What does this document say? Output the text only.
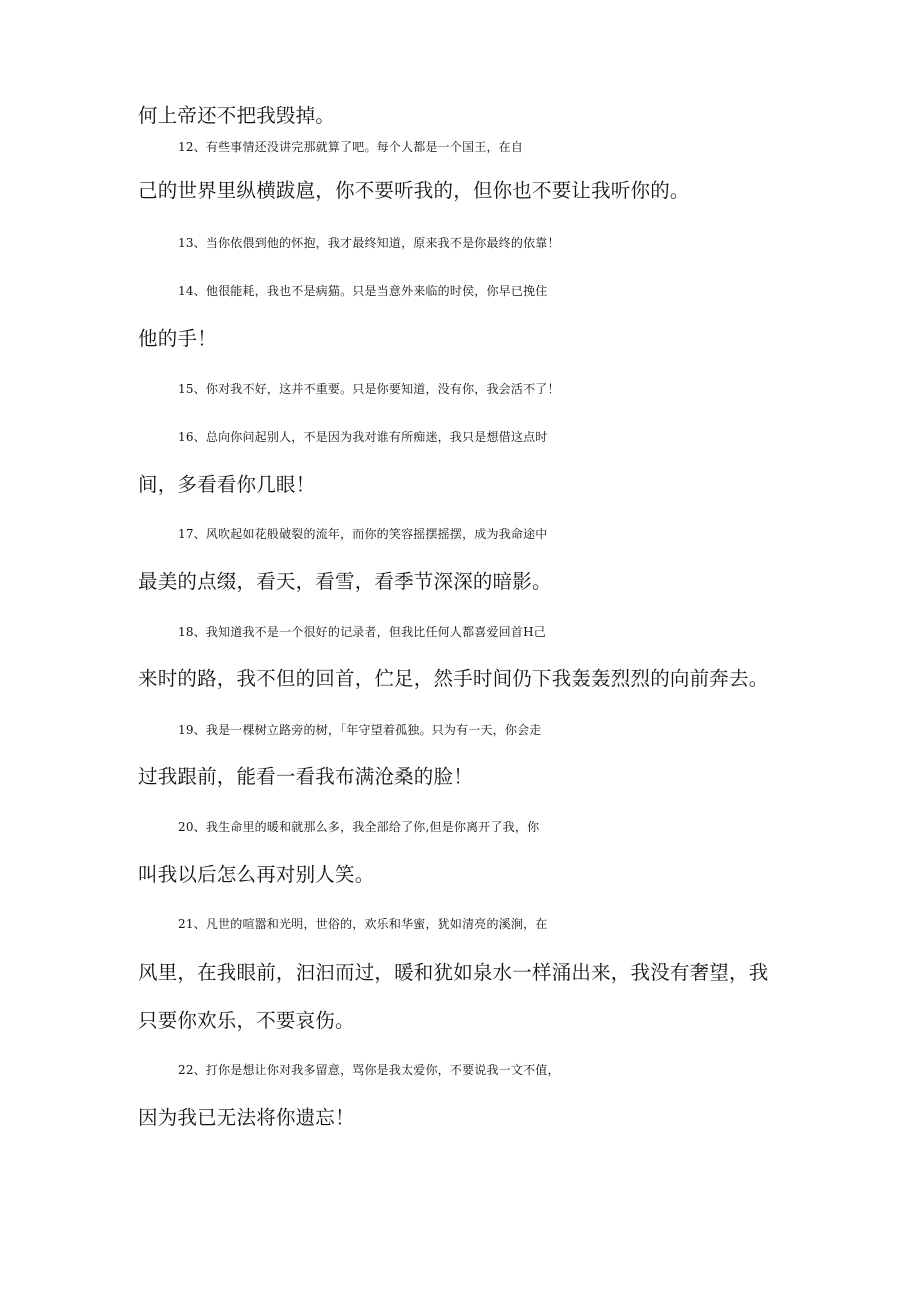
何上帝还不把我毁掉。
12、有些事情还没讲完那就算了吧。每个人都是一个国王，在自
己的世界里纵横跋扈，你不要听我的，但你也不要让我听你的。
13、当你依偎到他的怀抱，我才最终知道，原来我不是你最终的依靠！
14、他很能耗，我也不是病猫。只是当意外来临的时侯，你早已挽住
他的手！
15、你对我不好，这并不重要。只是你要知道，没有你，我会活不了！
16、总向你问起别人，不是因为我对谁有所痴迷，我只是想借这点时
间，多看看你几眼！
17、风吹起如花般破裂的流年，而你的笑容摇摆摇摆，成为我命途中
最美的点缀，看天，看雪，看季节深深的暗影。
18、我知道我不是一个很好的记录者，但我比任何人都喜爱回首H己
来时的路，我不但的回首，伫足，然手时间仍下我轰轰烈烈的向前奔去。
19、我是一棵树立路旁的树，「年守望着孤独。只为有一天，你会走
过我跟前，能看一看我布满沧桑的脸！
20、我生命里的暖和就那么多，我全部给了你,但是你离开了我，你
叫我以后怎么再对别人笑。
21、凡世的喧嚣和光明，世俗的，欢乐和华蜜，犹如清亮的溪涧，在
风里，在我眼前，汩汩而过，暖和犹如泉水一样涌出来，我没有奢望，我
只要你欢乐，不要哀伤。
22、打你是想让你对我多留意，骂你是我太爱你，不要说我一文不值，
因为我已无法将你遗忘！
